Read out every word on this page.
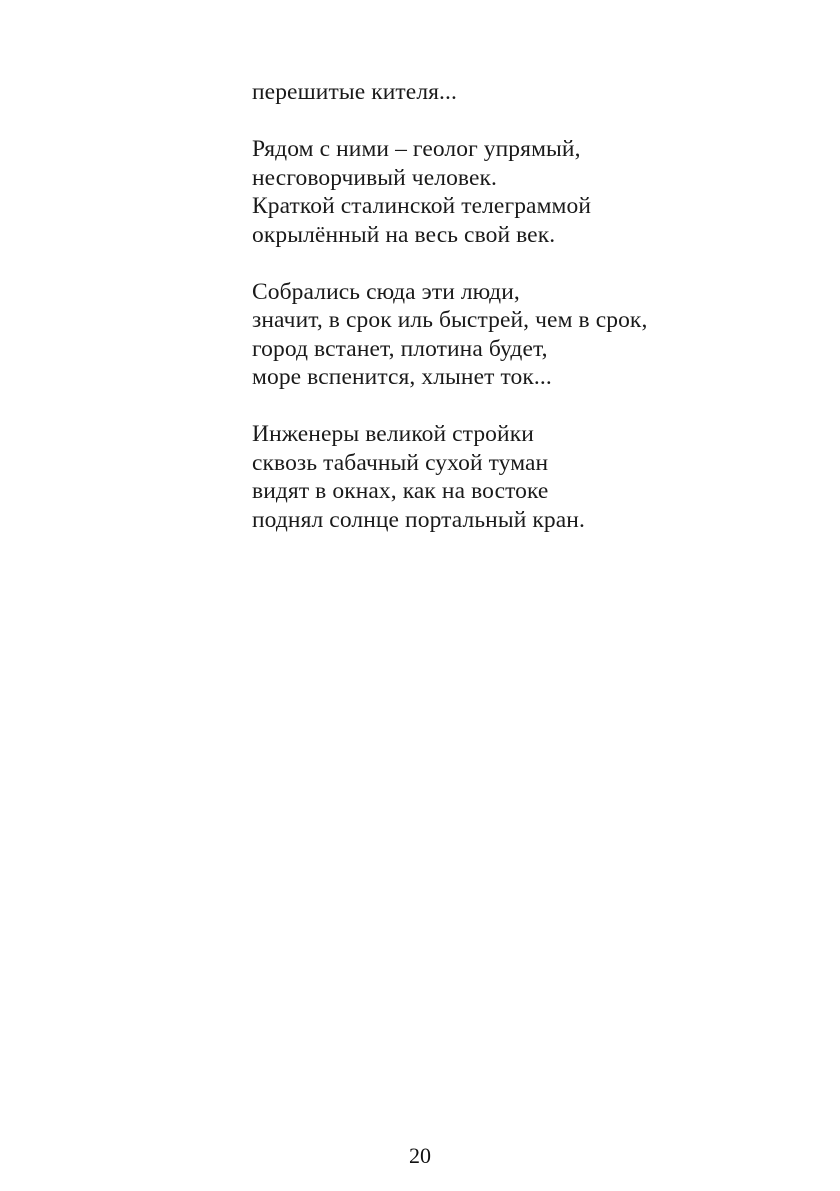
перешитые кителя...

Рядом с ними – геолог упрямый,

несговорчивый человек.

Краткой сталинской телеграммой

окрылённый на весь свой век.

Собрались сюда эти люди,

значит, в срок иль быстрей, чем в срок,

город встанет, плотина будет,

море вспенится, хлынет ток...

Инженеры великой стройки

сквозь табачный сухой туман

видят в окнах, как на востоке

поднял солнце портальный кран.

20
